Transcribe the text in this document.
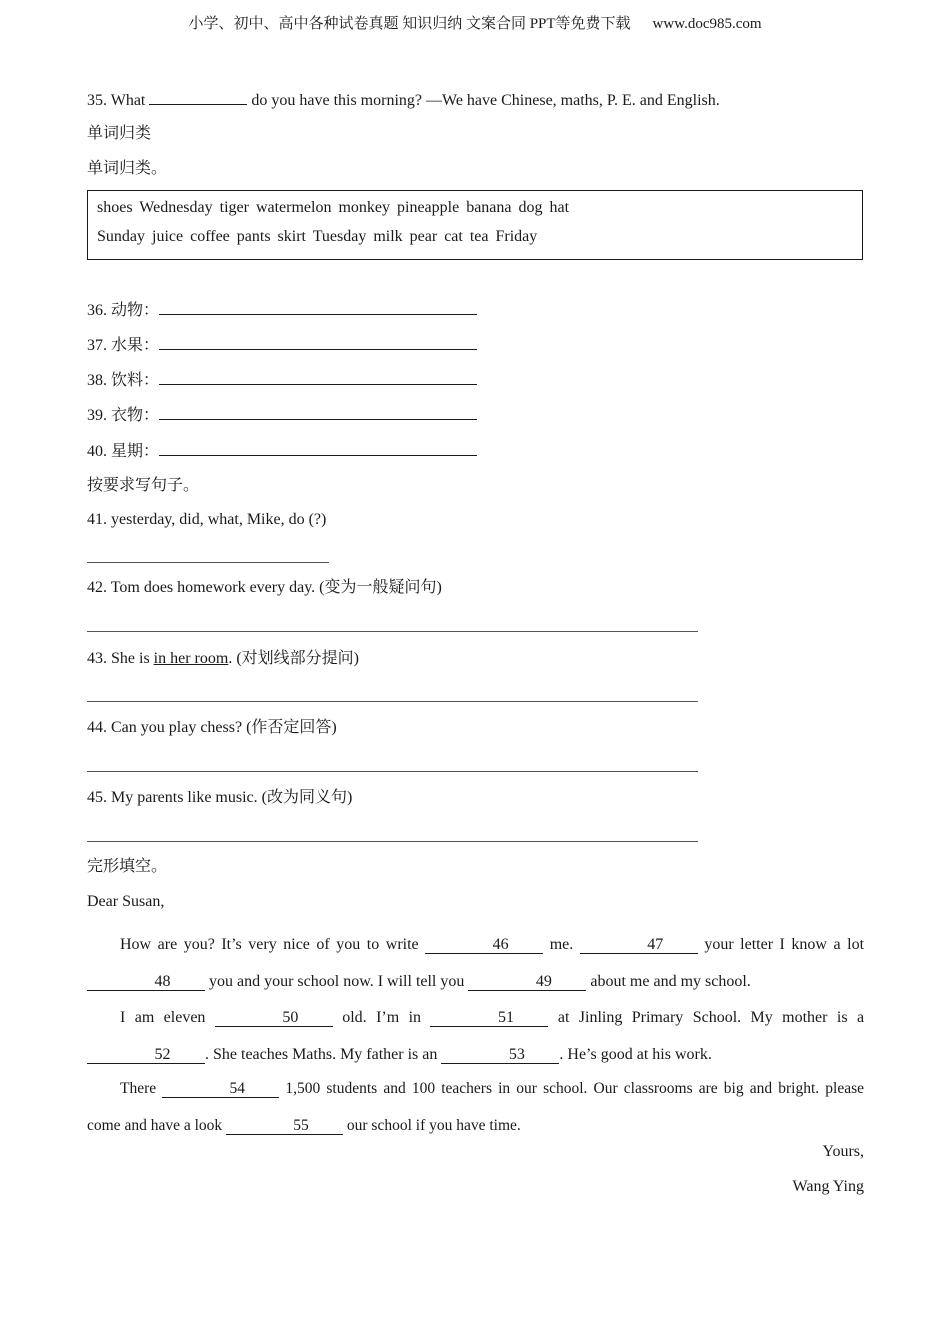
小学、初中、高中各种试卷真题 知识归纳 文案合同 PPT等免费下载 www.doc985.com
35. What	do you have this morning? —We have Chinese, maths, P. E. and English.
单词归类
单词归类。
shoes Wednesday tiger watermelon monkey pineapple banana dog hat
Sunday juice coffee pants skirt Tuesday milk pear cat tea Friday
36. 动物：
37. 水果：
38. 饮料：
39. 衣物：
40. 星期：
按要求写句子。
41. yesterday, did, what, Mike, do (?)
42. Tom does homework every day. (变为一般疑问句)
43. She is in her room. (对划线部分提问)
44. Can you play chess? (作否定回答)
45. My parents like music. (改为同义句)
完形填空。
Dear Susan,
How are you? It’s very nice of you to write	46	me.	47	your letter I know a lot 48 you and your school now. I will tell you	49 about me and my school.
I am eleven	50	old. I’m in	51	at Jinling Primary School. My mother is a 52 . She teaches Maths. My father is an	53 . He’s good at his work.
There	54	1,500 students and 100 teachers in our school. Our classrooms are big and bright. please come and have a look	55 our school if you have time.
Yours,
Wang Ying
